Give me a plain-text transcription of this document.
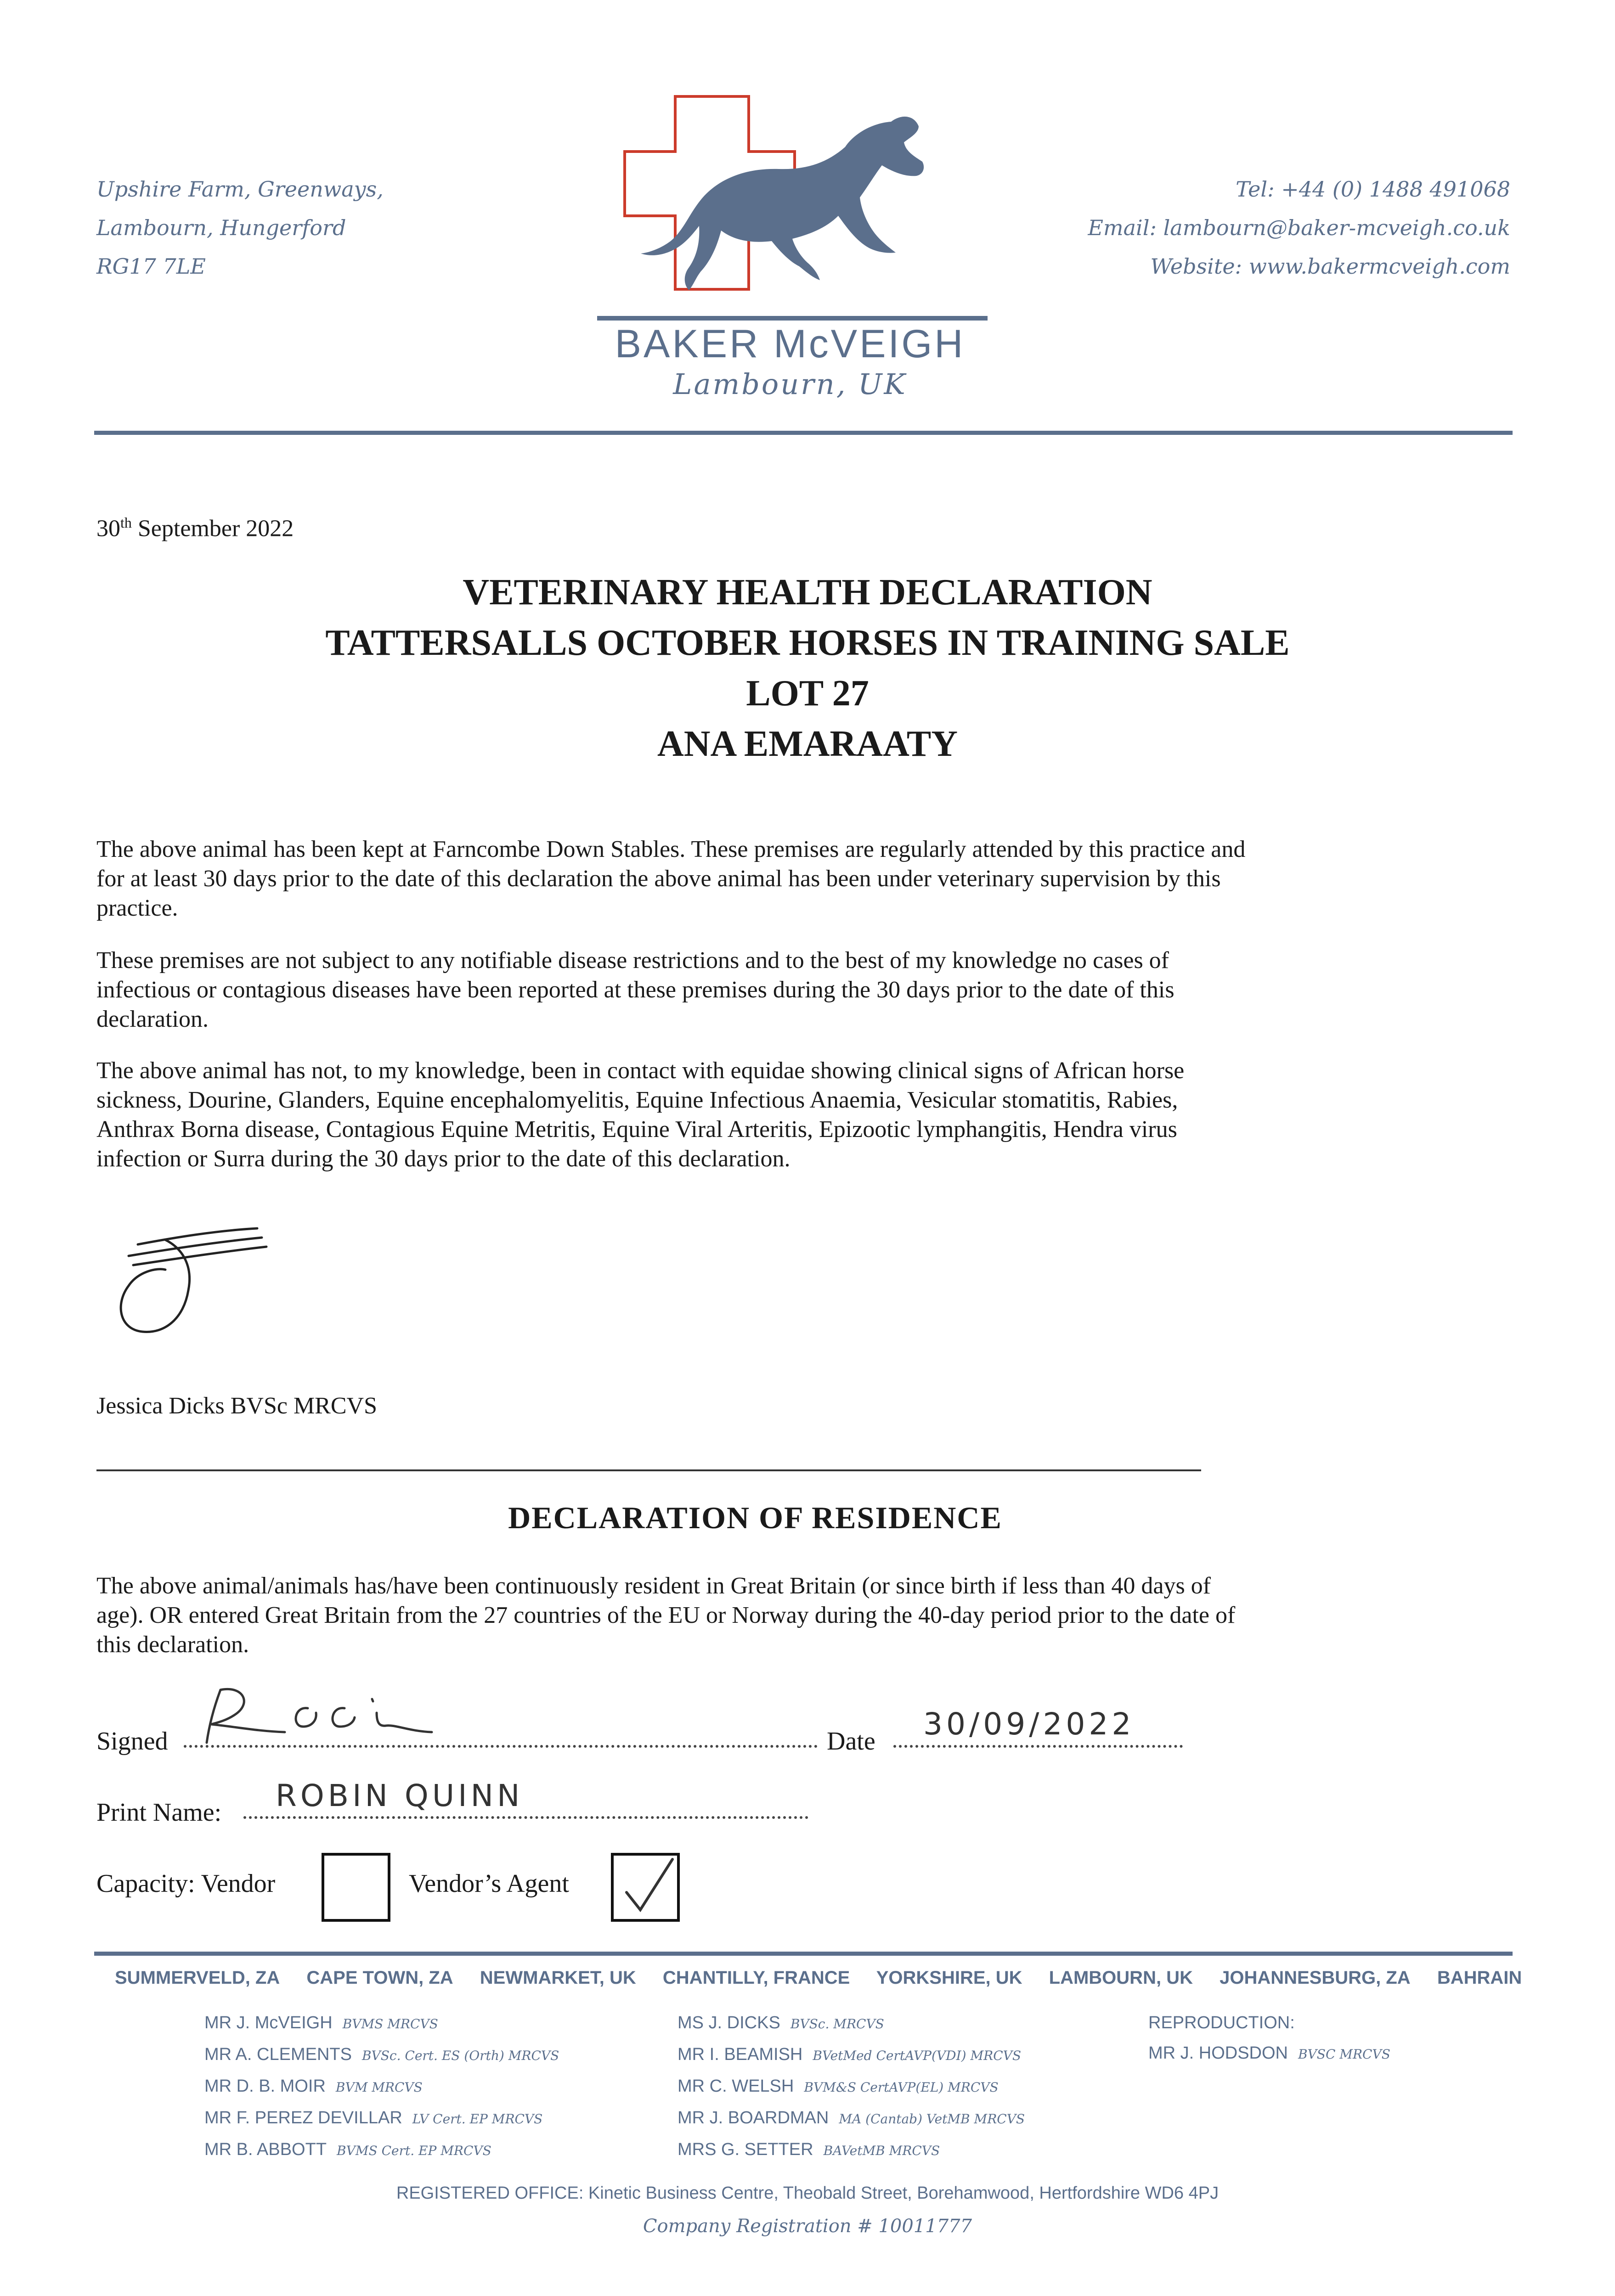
Upshire Farm, Greenways,
Lambourn, Hungerford
RG17 7LE
Tel: +44 (0) 1488 491068
Email: lambourn@baker-mcveigh.co.uk
Website: www.bakermcveigh.com
BAKER McVEIGH
Lambourn, UK
30th September 2022
VETERINARY HEALTH DECLARATION
TATTERSALLS OCTOBER HORSES IN TRAINING SALE
LOT 27
ANA EMARAATY
The above animal has been kept at Farncombe Down Stables. These premises are regularly attended by this practice and
for at least 30 days prior to the date of this declaration the above animal has been under veterinary supervision by this
practice.
These premises are not subject to any notifiable disease restrictions and to the best of my knowledge no cases of
infectious or contagious diseases have been reported at these premises during the 30 days prior to the date of this
declaration.
The above animal has not, to my knowledge, been in contact with equidae showing clinical signs of African horse
sickness, Dourine, Glanders, Equine encephalomyelitis, Equine Infectious Anaemia, Vesicular stomatitis, Rabies,
Anthrax Borna disease, Contagious Equine Metritis, Equine Viral Arteritis, Epizootic lymphangitis, Hendra virus
infection or Surra during the 30 days prior to the date of this declaration.
Jessica Dicks BVSc MRCVS
DECLARATION OF RESIDENCE
The above animal/animals has/have been continuously resident in Great Britain (or since birth if less than 40 days of
age). OR entered Great Britain from the 27 countries of the EU or Norway during the 40-day period prior to the date of
this declaration.
Signed	Date 30/09/2022
Print Name: ROBIN QUINN
Capacity: Vendor	Vendor’s Agent
SUMMERVELD, ZA CAPE TOWN, ZA NEWMARKET, UK CHANTILLY, FRANCE YORKSHIRE, UK LAMBOURN, UK JOHANNESBURG, ZA BAHRAIN
MR J. McVEIGH BVMS MRCVS
MR A. CLEMENTS BVSc. Cert. ES (Orth) MRCVS
MR D. B. MOIR BVM MRCVS
MR F. PEREZ DEVILLAR LV Cert. EP MRCVS
MR B. ABBOTT BVMS Cert. EP MRCVS
MS J. DICKS BVSc. MRCVS
MR I. BEAMISH BVetMed CertAVP(VDI) MRCVS
MR C. WELSH BVM&S CertAVP(EL) MRCVS
MR J. BOARDMAN MA (Cantab) VetMB MRCVS
MRS G. SETTER BAVetMB MRCVS
REPRODUCTION:
MR J. HODSDON BVSC MRCVS
REGISTERED OFFICE: Kinetic Business Centre, Theobald Street, Borehamwood, Hertfordshire WD6 4PJ
Company Registration # 10011777
